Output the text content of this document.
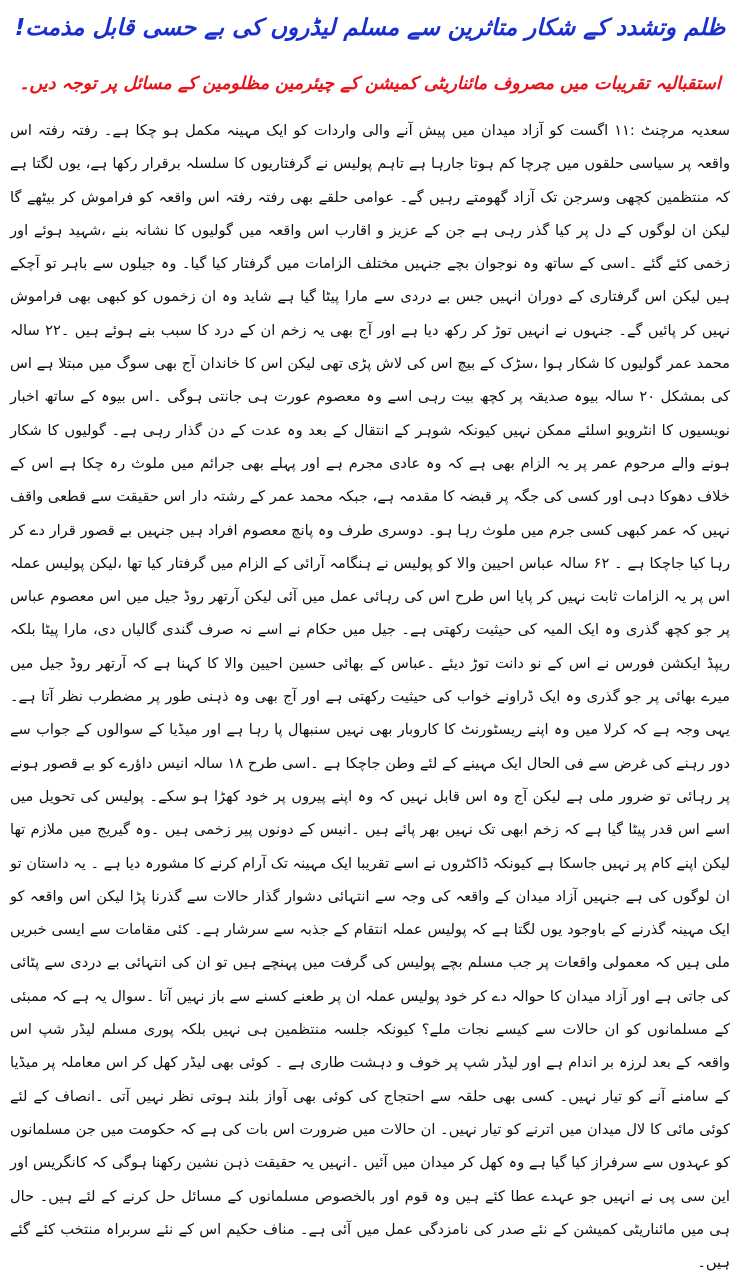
ظلم وتشدد کے شکار متاثرین سے مسلم لیڈروں کی بے حسی قابل مذمت!
استقبالیہ تقریبات میں مصروف مائناریٹی کمیشن کے چیئرمین مظلومین کے مسائل پر توجہ دیں۔
سعدیہ مرچنٹ :۱۱ اگست کو آزاد میدان میں پیش آنے والی واردات کو ایک مہینہ مکمل ہو چکا ہے۔ رفتہ رفتہ اس واقعہ پر سیاسی حلقوں میں چرچا کم ہوتا جارہا ہے تاہم پولیس نے گرفتاریوں کا سلسلہ برقرار رکھا ہے، یوں لگتا ہے کہ منتظمین کچھی وسرجن تک آزاد گھومتے رہیں گے۔ عوامی حلقے بھی رفتہ رفتہ اس واقعہ کو فراموش کر بیٹھے گا لیکن ان لوگوں کے دل پر کیا گذر رہی ہے جن کے عزیز و اقارب اس واقعہ میں گولیوں کا نشانہ بنے ،شہید ہوئے اور زخمی کئے گئے ۔اسی کے ساتھ وہ نوجوان بچے جنہیں مختلف الزامات میں گرفتار کیا گیا۔ وہ جیلوں سے باہر تو آچکے ہیں لیکن اس گرفتاری کے دوران انہیں جس بے دردی سے مارا پیٹا گیا ہے شاید وہ ان زخموں کو کبھی بھی فراموش نہیں کر پائیں گے۔ جنہوں نے انہیں توڑ کر رکھ دیا ہے اور آج بھی یہ زخم ان کے درد کا سبب بنے ہوئے ہیں ۔۲۲ سالہ محمد عمر گولیوں کا شکار ہوا ،سڑک کے بیچ اس کی لاش پڑی تھی لیکن اس کا خاندان آج بھی سوگ میں مبتلا ہے اس کی بمشکل ۲۰ سالہ بیوہ صدیقہ پر کچھ بیت رہی اسے وہ معصوم عورت ہی جانتی ہوگی ۔اس بیوہ کے ساتھ اخبار نویسیوں کا انٹرویو اسلئے ممکن نہیں کیونکہ شوہر کے انتقال کے بعد وہ عدت کے دن گذار رہی ہے۔ گولیوں کا شکار ہونے والے مرحوم عمر پر یہ الزام بھی ہے کہ وہ عادی مجرم ہے اور پہلے بھی جرائم میں ملوث رہ چکا ہے اس کے خلاف دھوکا دہی اور کسی کی جگہ پر قبضہ کا مقدمہ ہے، جبکہ محمد عمر کے رشتہ دار اس حقیقت سے قطعی واقف نہیں کہ عمر کبھی کسی جرم میں ملوث رہا ہو۔ دوسری طرف وہ پانچ معصوم افراد ہیں جنہیں بے قصور قرار دے کر رہا کیا جاچکا ہے ۔ ۶۲ سالہ عباس احیین والا کو پولیس نے ہنگامہ آرائی کے الزام میں گرفتار کیا تھا ،لیکن پولیس عملہ اس پر یہ الزامات ثابت نہیں کر پایا اس طرح اس کی رہائی عمل میں آئی لیکن آرتھر روڈ جیل میں اس معصوم عباس پر جو کچھ گذری وہ ایک المیہ کی حیثیت رکھتی ہے۔ جیل میں حکام نے اسے نہ صرف گندی گالیاں دی، مارا پیٹا بلکہ ریپڈ ایکشن فورس نے اس کے نو دانت توڑ دیئے ۔عباس کے بھائی حسین احیین والا کا کہنا ہے کہ آرتھر روڈ جیل میں میرے بھائی پر جو گذری وہ ایک ڈراونے خواب کی حیثیت رکھتی ہے اور آج بھی وہ ذہنی طور پر مضطرب نظر آتا ہے۔ یہی وجہ ہے کہ کرلا میں وہ اپنے ریسٹورنٹ کا کاروبار بھی نہیں سنبھال پا رہا ہے اور میڈیا کے سوالوں کے جواب سے دور رہنے کی غرض سے فی الحال ایک مہینے کے لئے وطن جاچکا ہے ۔اسی طرح ۱۸ سالہ انیس داؤرے کو بے قصور ہونے پر رہائی تو ضرور ملی ہے لیکن آج وہ اس قابل نہیں کہ وہ اپنے پیروں پر خود کھڑا ہو سکے۔ پولیس کی تحویل میں اسے اس قدر پیٹا گیا ہے کہ زخم ابھی تک نہیں بھر پائے ہیں ۔انیس کے دونوں پیر زخمی ہیں ۔وہ گیریج میں ملازم تھا لیکن اپنے کام پر نہیں جاسکا ہے کیونکہ ڈاکٹروں نے اسے تقریبا ایک مہینہ تک آرام کرنے کا مشورہ دیا ہے ۔ یہ داستان تو ان لوگوں کی ہے جنہیں آزاد میدان کے واقعہ کی وجہ سے انتہائی دشوار گذار حالات سے گذرنا پڑا لیکن اس واقعہ کو ایک مہینہ گذرنے کے باوجود یوں لگتا ہے کہ پولیس عملہ انتقام کے جذبہ سے سرشار ہے۔ کئی مقامات سے ایسی خبریں ملی ہیں کہ معمولی واقعات پر جب مسلم بچے پولیس کی گرفت میں پہنچے ہیں تو ان کی انتہائی بے دردی سے پٹائی کی جاتی ہے اور آزاد میدان کا حوالہ دے کر خود پولیس عملہ ان پر طعنے کسنے سے باز نہیں آتا ۔سوال یہ ہے کہ ممبئی کے مسلمانوں کو ان حالات سے کیسے نجات ملے؟ کیونکہ جلسہ منتظمین ہی نہیں بلکہ پوری مسلم لیڈر شپ اس واقعہ کے بعد لرزہ بر اندام ہے اور لیڈر شپ پر خوف و دہشت طاری ہے ۔ کوئی بھی لیڈر کھل کر اس معاملہ پر میڈیا کے سامنے آنے کو تیار نہیں۔ کسی بھی حلقہ سے احتجاج کی کوئی بھی آواز بلند ہوتی نظر نہیں آتی ۔انصاف کے لئے کوئی مائی کا لال میدان میں اترنے کو تیار نہیں۔ ان حالات میں ضرورت اس بات کی ہے کہ حکومت میں جن مسلمانوں کو عہدوں سے سرفراز کیا گیا ہے وہ کھل کر میدان میں آئیں ۔انہیں یہ حقیقت ذہن نشین رکھنا ہوگی کہ کانگریس اور این سی پی نے انہیں جو عہدے عطا کئے ہیں وہ قوم اور بالخصوص مسلمانوں کے مسائل حل کرنے کے لئے ہیں۔ حال ہی میں مائناریٹی کمیشن کے نئے صدر کی نامزدگی عمل میں آئی ہے۔ مناف حکیم اس کے نئے سربراہ منتخب کئے گئے ہیں۔
